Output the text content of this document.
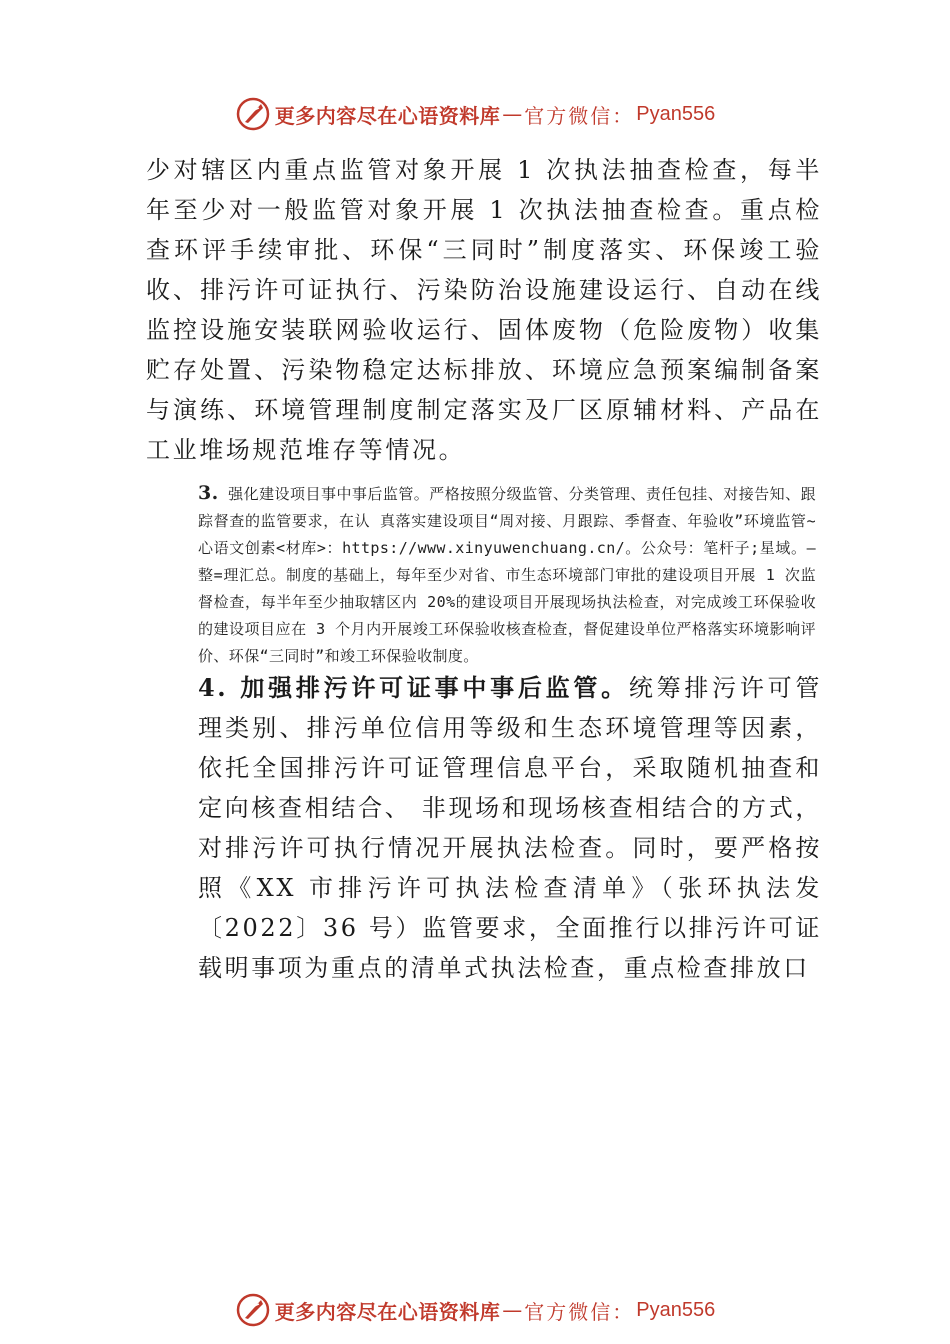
更多内容尽在心语资料库 — 官方微信： Pyan556

少对辖区内重点监管对象开展 1 次执法抽查检查，每半年至少对一般监管对象开展 1 次执法抽查检查。重点检查环评手续审批、环保“三同时”制度落实、环保竣工验收、排污许可证执行、污染防治设施建设运行、自动在线监控设施安装联网验收运行、固体废物（危险废物）收集贮存处置、污染物稳定达标排放、环境应急预案编制备案与演练、环境管理制度制定落实及厂区原辅材料、产品在工业堆场规范堆存等情况。

3. 强化建设项目事中事后监管。严格按照分级监管、分类管理、责任包挂、对接告知、跟踪督查的监管要求，在认 真落实建设项目“周对接、月跟踪、季督查、年验收”环境监管~心语文创素<材库>：https://www.xinyuwenchuang.cn/。公众号：笔杆子;星域。—整=理汇总。制度的基础上，每年至少对省、市生态环境部门审批的建设项目开展 1 次监督检查，每半年至少抽取辖区内 20%的建设项目开展现场执法检查，对完成竣工环保验收的建设项目应在 3 个月内开展竣工环保验收核查检查，督促建设单位严格落实环境影响评价、环保“三同时”和竣工环保验收制度。

4. 加强排污许可证事中事后监管。统筹排污许可管理类别、排污单位信用等级和生态环境管理等因素，依托全国排污许可证管理信息平台，采取随机抽查和定向核查相结合、 非现场和现场核查相结合的方式，对排污许可执行情况开展执法检查。同时，要严格按照《XX 市排污许可执法检查清单》（张环执法发〔2022〕36 号）监管要求，全面推行以排污许可证载明事项为重点的清单式执法检查，重点检查排放口

更多内容尽在心语资料库 — 官方微信： Pyan556
